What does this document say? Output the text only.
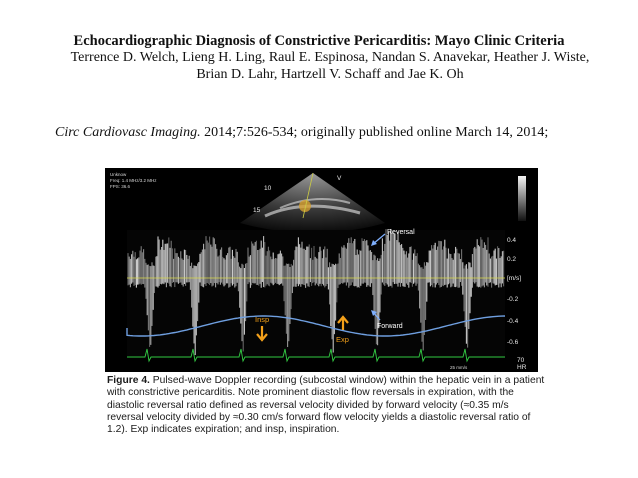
Echocardiographic Diagnosis of Constrictive Pericarditis: Mayo Clinic Criteria
Terrence D. Welch, Lieng H. Ling, Raul E. Espinosa, Nandan S. Anavekar, Heather J. Wiste,
Brian D. Lahr, Hartzell V. Schaff and Jae K. Oh
Circ Cardiovasc Imaging. 2014;7:526-534; originally published online March 14, 2014;
Unknow
Freq: 1.4 MHz/3.2 MHz
FPS: 36.6	10
15
V
0.4
0.2
[m/s]
-0.2
-0.4
-0.6
Reversal
Forward
Insp
Exp
70
HR
25 mm/s
Figure 4. Pulsed-wave Doppler recording (subcostal window) within the hepatic vein in a patient with constrictive pericarditis. Note prominent diastolic flow reversals in expiration, with the diastolic reversal ratio defined as reversal velocity divided by forward velocity (≈0.35 m/s reversal velocity divided by ≈0.30 cm/s forward flow velocity yields a diastolic reversal ratio of 1.2). Exp indicates expiration; and insp, inspiration.
